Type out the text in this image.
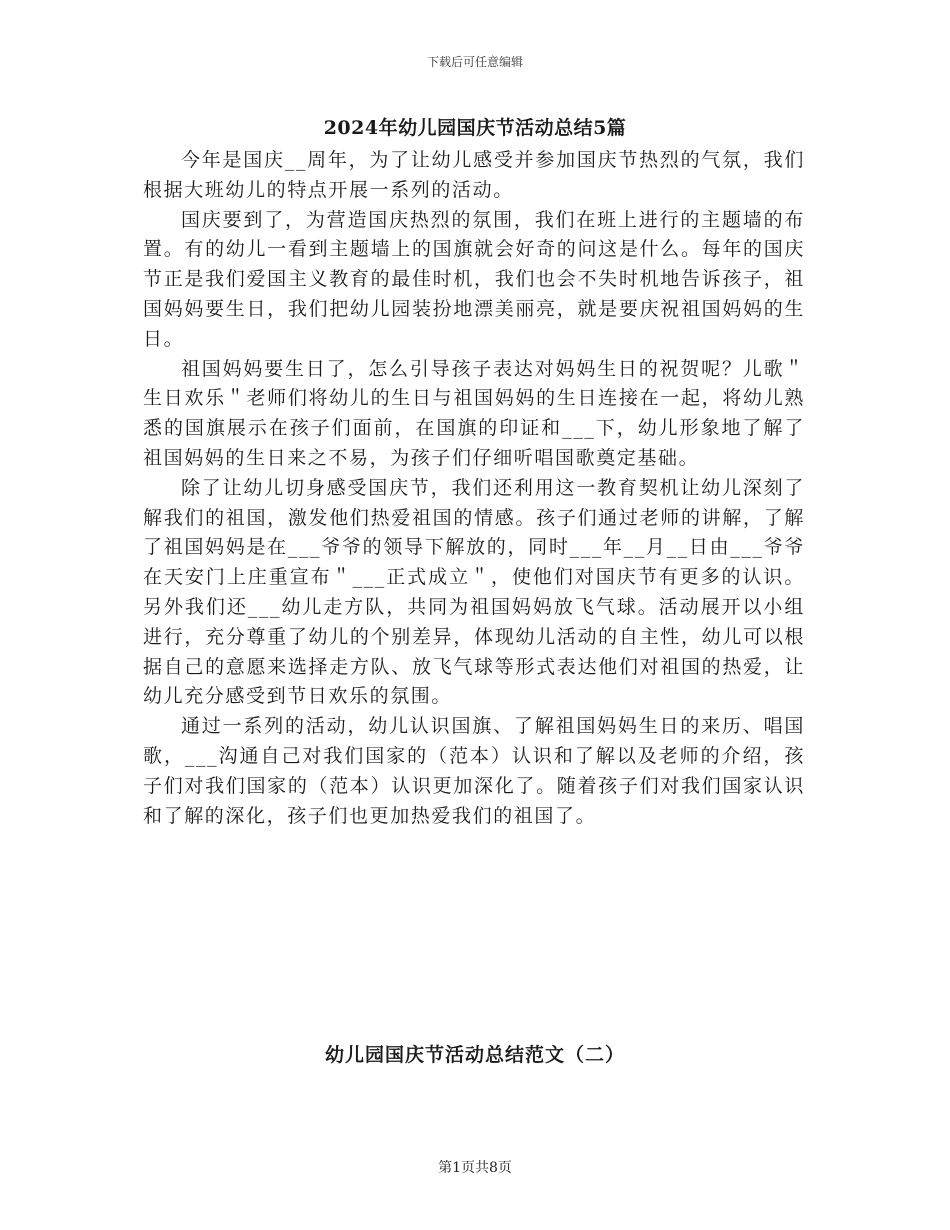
下载后可任意编辑
2024年幼儿园国庆节活动总结5篇

今年是国庆__周年，为了让幼儿感受并参加国庆节热烈的气氛，我们根据大班幼儿的特点开展一系列的活动。

国庆要到了，为营造国庆热烈的氛围，我们在班上进行的主题墙的布置。有的幼儿一看到主题墙上的国旗就会好奇的问这是什么。每年的国庆节正是我们爱国主义教育的最佳时机，我们也会不失时机地告诉孩子，祖国妈妈要生日，我们把幼儿园装扮地漂美丽亮，就是要庆祝祖国妈妈的生日。

祖国妈妈要生日了，怎么引导孩子表达对妈妈生日的祝贺呢？儿歌＂生日欢乐＂老师们将幼儿的生日与祖国妈妈的生日连接在一起，将幼儿熟悉的国旗展示在孩子们面前，在国旗的印证和___下，幼儿形象地了解了祖国妈妈的生日来之不易，为孩子们仔细听唱国歌奠定基础。

除了让幼儿切身感受国庆节，我们还利用这一教育契机让幼儿深刻了解我们的祖国，激发他们热爱祖国的情感。孩子们通过老师的讲解，了解了祖国妈妈是在___爷爷的领导下解放的，同时___年__月__日由___爷爷在天安门上庄重宣布＂___正式成立＂，使他们对国庆节有更多的认识。另外我们还___幼儿走方队，共同为祖国妈妈放飞气球。活动展开以小组进行，充分尊重了幼儿的个别差异，体现幼儿活动的自主性，幼儿可以根据自己的意愿来选择走方队、放飞气球等形式表达他们对祖国的热爱，让幼儿充分感受到节日欢乐的氛围。

通过一系列的活动，幼儿认识国旗、了解祖国妈妈生日的来历、唱国歌，___沟通自己对我们国家的（范本）认识和了解以及老师的介绍，孩子们对我们国家的（范本）认识更加深化了。随着孩子们对我们国家认识和了解的深化，孩子们也更加热爱我们的祖国了。

幼儿园国庆节活动总结范文（二）
第1页共8页
